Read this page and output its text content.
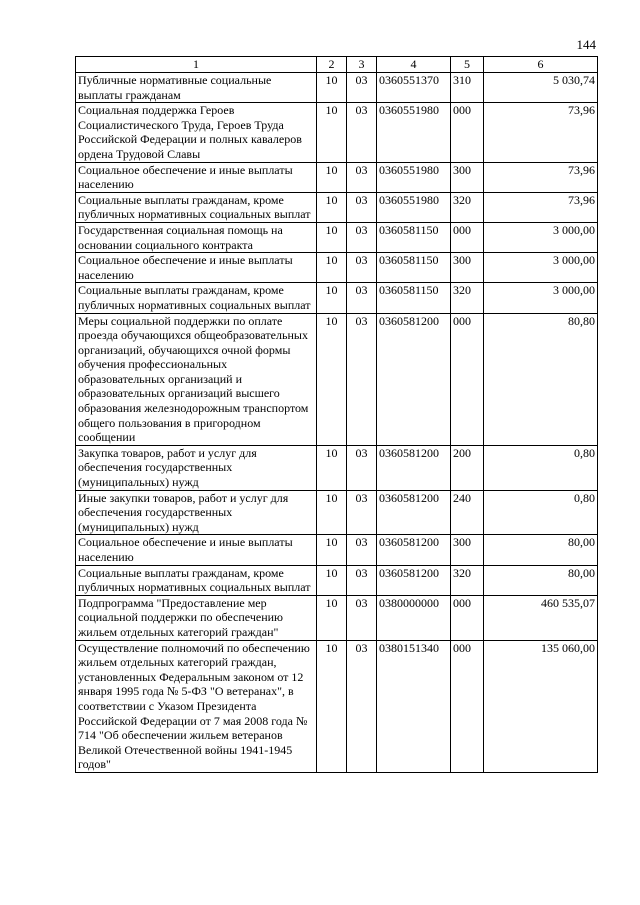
144
1	2	3	4	5	6
Публичные нормативные социальные выплаты гражданам	10	03	0360551370	310	5 030,74
Социальная поддержка Героев Социалистического Труда, Героев Труда Российской Федерации и полных кавалеров ордена Трудовой Славы	10	03	0360551980	000	73,96
Социальное обеспечение и иные выплаты населению	10	03	0360551980	300	73,96
Социальные выплаты гражданам, кроме публичных нормативных социальных выплат	10	03	0360551980	320	73,96
Государственная социальная помощь на основании социального контракта	10	03	0360581150	000	3 000,00
Социальное обеспечение и иные выплаты населению	10	03	0360581150	300	3 000,00
Социальные выплаты гражданам, кроме публичных нормативных социальных выплат	10	03	0360581150	320	3 000,00
Меры социальной поддержки по оплате проезда обучающихся общеобразовательных организаций, обучающихся очной формы обучения профессиональных образовательных организаций и образовательных организаций высшего образования железнодорожным транспортом общего пользования в пригородном сообщении	10	03	0360581200	000	80,80
Закупка товаров, работ и услуг для обеспечения государственных (муниципальных) нужд	10	03	0360581200	200	0,80
Иные закупки товаров, работ и услуг для обеспечения государственных (муниципальных) нужд	10	03	0360581200	240	0,80
Социальное обеспечение и иные выплаты населению	10	03	0360581200	300	80,00
Социальные выплаты гражданам, кроме публичных нормативных социальных выплат	10	03	0360581200	320	80,00
Подпрограмма "Предоставление мер социальной поддержки по обеспечению жильем отдельных категорий граждан"	10	03	0380000000	000	460 535,07
Осуществление полномочий по обеспечению жильем отдельных категорий граждан, установленных Федеральным законом от 12 января 1995 года № 5-ФЗ "О ветеранах", в соответствии с Указом Президента Российской Федерации от 7 мая 2008 года № 714 "Об обеспечении жильем ветеранов Великой Отечественной войны 1941-1945 годов"	10	03	0380151340	000	135 060,00
